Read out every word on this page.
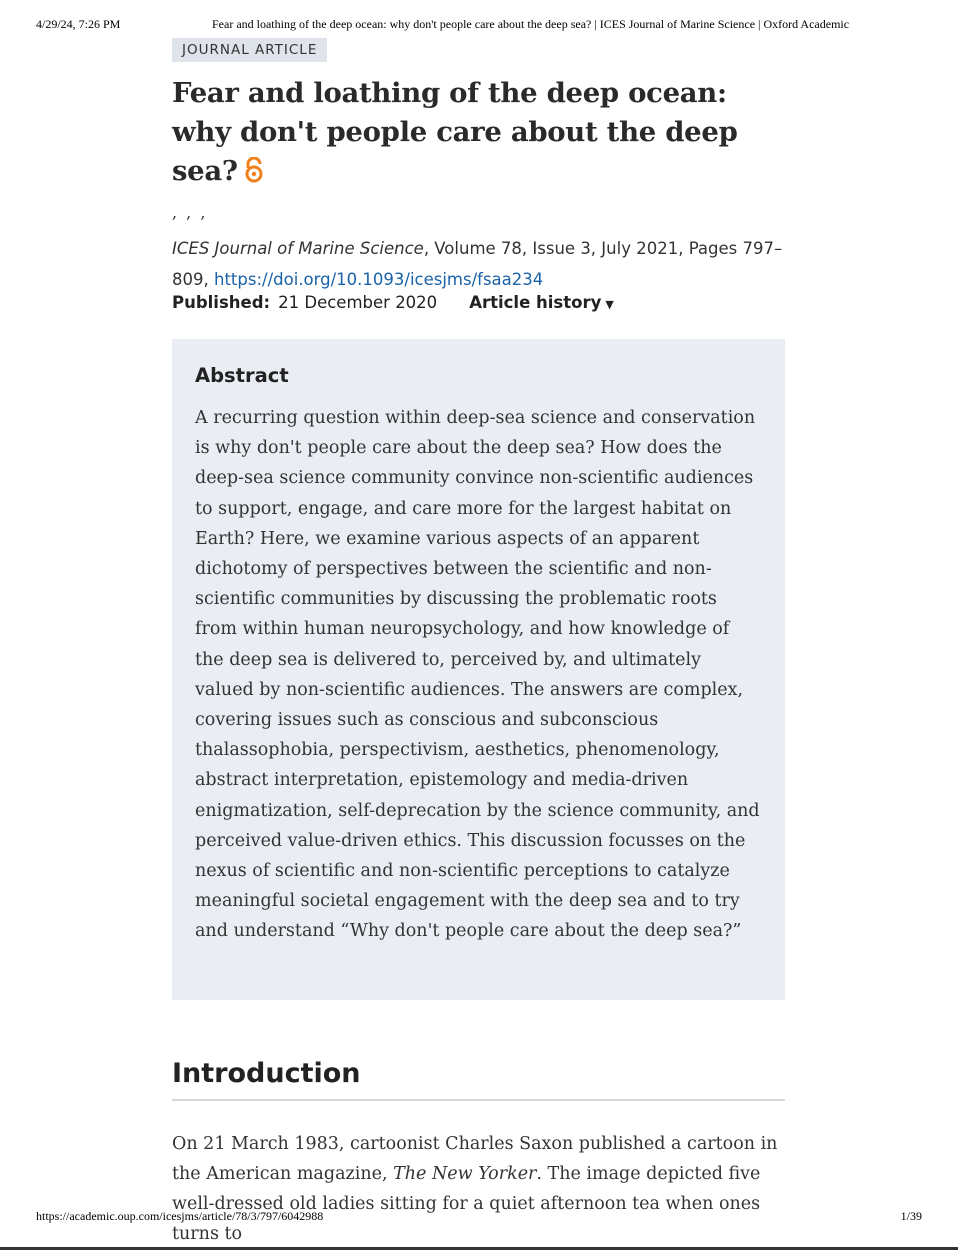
4/29/24, 7:26 PM	Fear and loathing of the deep ocean: why don't people care about the deep sea? | ICES Journal of Marine Science | Oxford Academic
JOURNAL ARTICLE
Fear and loathing of the deep ocean: why don't people care about the deep sea?
, , ,
ICES Journal of Marine Science, Volume 78, Issue 3, July 2021, Pages 797–809, https://doi.org/10.1093/icesjms/fsaa234
Published: 21 December 2020 Article history ▼
Abstract

A recurring question within deep-sea science and conservation is why don't people care about the deep sea? How does the deep-sea science community convince non-scientific audiences to support, engage, and care more for the largest habitat on Earth? Here, we examine various aspects of an apparent dichotomy of perspectives between the scientific and non-scientific communities by discussing the problematic roots from within human neuropsychology, and how knowledge of the deep sea is delivered to, perceived by, and ultimately valued by non-scientific audiences. The answers are complex, covering issues such as conscious and subconscious thalassophobia, perspectivism, aesthetics, phenomenology, abstract interpretation, epistemology and media-driven enigmatization, self-deprecation by the science community, and perceived value-driven ethics. This discussion focusses on the nexus of scientific and non-scientific perceptions to catalyze meaningful societal engagement with the deep sea and to try and understand “Why don't people care about the deep sea?”

Introduction

On 21 March 1983, cartoonist Charles Saxon published a cartoon in the American magazine, The New Yorker. The image depicted five well-dressed old ladies sitting for a quiet afternoon tea when ones turns to

https://academic.oup.com/icesjms/article/78/3/797/6042988	1/39
